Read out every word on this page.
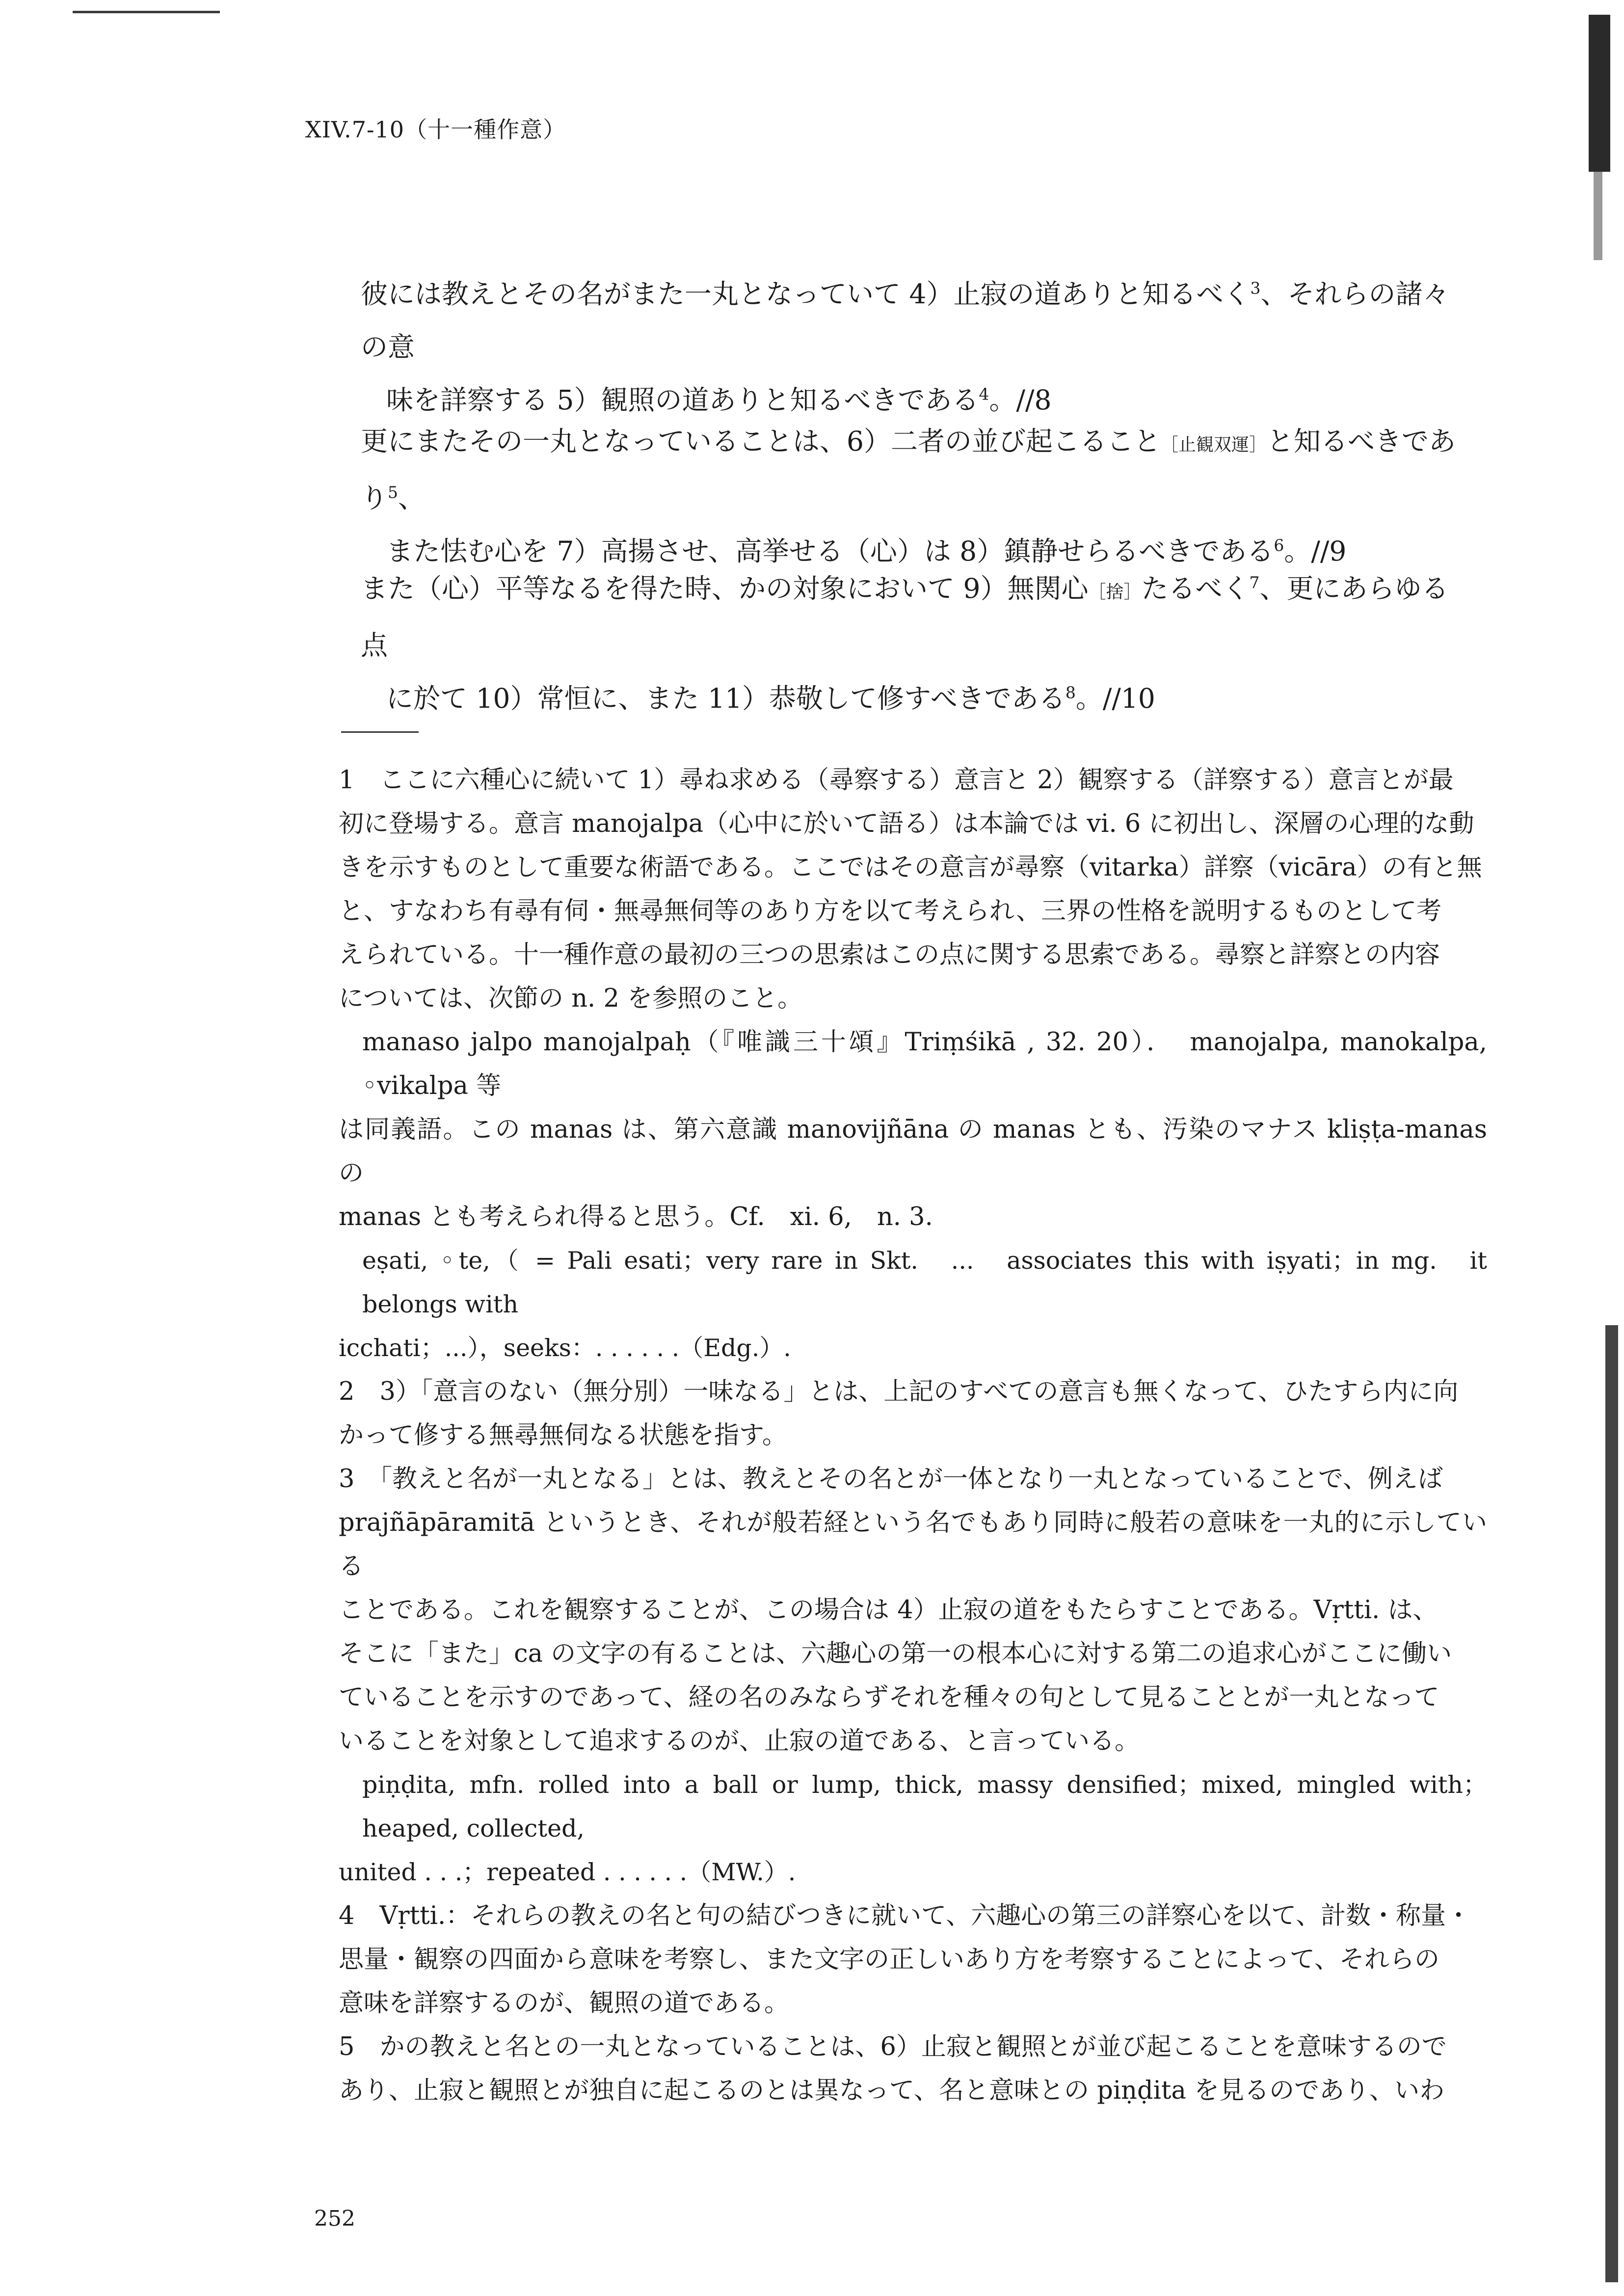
XIV.7-10（十一種作意）
彼には教えとその名がまた一丸となっていて 4）止寂の道ありと知るべく$^3$、それらの諸々の意
味を詳察する 5）観照の道ありと知るべきである$^4$。//8
更にまたその一丸となっていることは、6）二者の並び起こること［止観双運］と知るべきであり$^5$、
また怯む心を 7）高揚させ、高挙せる（心）は 8）鎮静せらるべきである$^6$。//9
また（心）平等なるを得た時、かの対象において 9）無関心［捨］たるべく$^7$、更にあらゆる点
に於て 10）常恒に、また 11）恭敬して修すべきである$^8$。//10

1　ここに六種心に続いて 1）尋ね求める（尋察する）意言と 2）観察する（詳察する）意言とが最

初に登場する。意言 manojalpa（心中に於いて語る）は本論では vi. 6 に初出し、深層の心理的な動

きを示すものとして重要な術語である。ここではその意言が尋察（vitarka）詳察（vicāra）の有と無

と、すなわち有尋有伺・無尋無伺等のあり方を以て考えられ、三界の性格を説明するものとして考

えられている。十一種作意の最初の三つの思索はこの点に関する思索である。尋察と詳察との内容

については、次節の n. 2 を参照のこと。

manaso jalpo manojalpaḥ（『唯識三十頌』Triṃśikā , 32. 20）．　manojalpa, manokalpa, ◦vikalpa 等

は同義語。この manas は、第六意識 manovijñāna の manas とも、汚染のマナス kliṣṭa-manas の

manas とも考えられ得ると思う。Cf.　xi. 6,　n. 3.

eṣati, ◦te,（ = Pali esati；very rare in Skt.　...　associates this with iṣyati；in mg.　it belongs with

icchati；...），seeks：. . . . . .（Edg.）.

2　3）「意言のない（無分別）一味なる」とは、上記のすべての意言も無くなって、ひたすら内に向

かって修する無尋無伺なる状態を指す。

3　「教えと名が一丸となる」とは、教えとその名とが一体となり一丸となっていることで、例えば

prajñāpāramitā というとき、それが般若経という名でもあり同時に般若の意味を一丸的に示している

ことである。これを観察することが、この場合は 4）止寂の道をもたらすことである。Vṛtti. は、

そこに「また」ca の文字の有ることは、六趣心の第一の根本心に対する第二の追求心がここに働い

ていることを示すのであって、経の名のみならずそれを種々の句として見ることとが一丸となって

いることを対象として追求するのが、止寂の道である、と言っている。

piṇḍita, mfn. rolled into a ball or lump, thick, massy densified；mixed, mingled with；heaped, collected,

united . . .；repeated . . . . . .（MW.）.

4　Vṛtti.：それらの教えの名と句の結びつきに就いて、六趣心の第三の詳察心を以て、計数・称量・

思量・観察の四面から意味を考察し、また文字の正しいあり方を考察することによって、それらの

意味を詳察するのが、観照の道である。

5　かの教えと名との一丸となっていることは、6）止寂と観照とが並び起こることを意味するので

あり、止寂と観照とが独自に起こるのとは異なって、名と意味との piṇḍita を見るのであり、いわ

252
